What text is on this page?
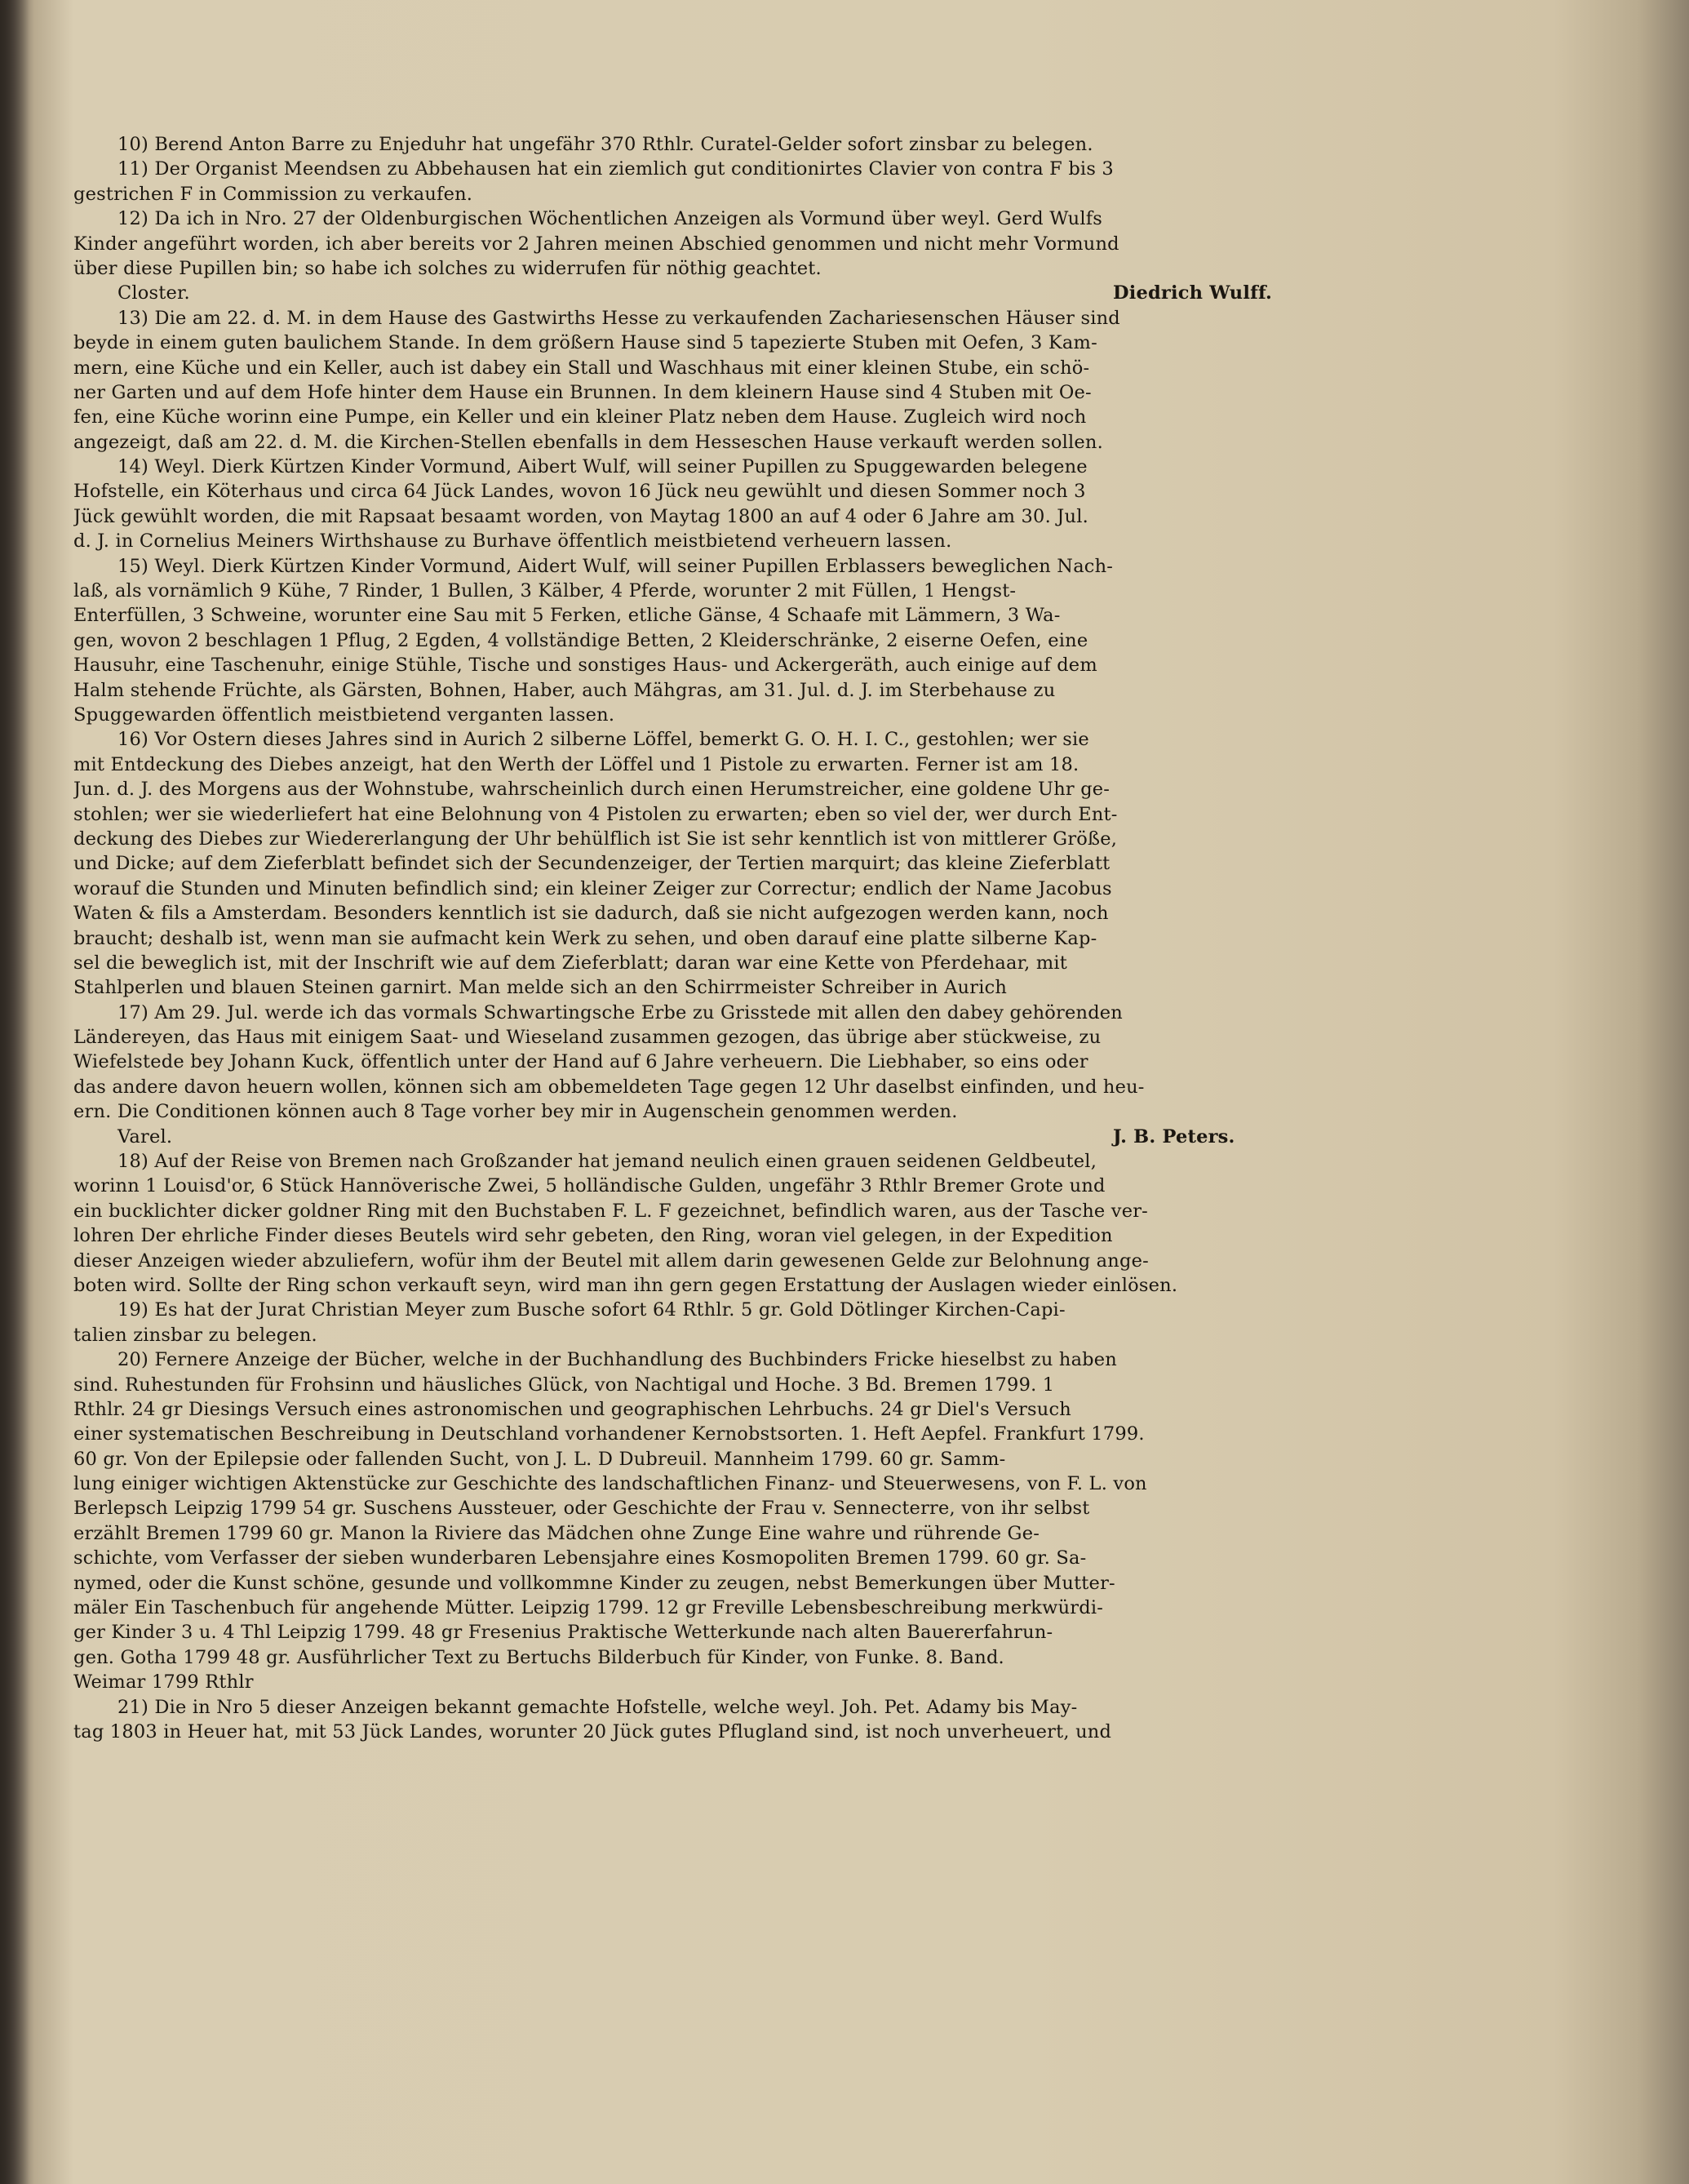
10) Berend Anton Barre zu Enjeduhr hat ungefähr 370 Rthlr. Curatel-Gelder sofort zinsbar zu belegen.
11) Der Organist Meendsen zu Abbehausen hat ein ziemlich gut conditionirtes Clavier von contra F bis 3
gestrichen F in Commission zu verkaufen.
12) Da ich in Nro. 27 der Oldenburgischen Wöchentlichen Anzeigen als Vormund über weyl. Gerd Wulfs
Kinder angeführt worden, ich aber bereits vor 2 Jahren meinen Abschied genommen und nicht mehr Vormund
über diese Pupillen bin; so habe ich solches zu widerrufen für nöthig geachtet.
Closter.	Diedrich Wulff.
13) Die am 22. d. M. in dem Hause des Gastwirths Hesse zu verkaufenden Zachariesenschen Häuser sind
beyde in einem guten baulichem Stande. In dem größern Hause sind 5 tapezierte Stuben mit Oefen, 3 Kam-
mern, eine Küche und ein Keller, auch ist dabey ein Stall und Waschhaus mit einer kleinen Stube, ein schö-
ner Garten und auf dem Hofe hinter dem Hause ein Brunnen. In dem kleinern Hause sind 4 Stuben mit Oe-
fen, eine Küche worinn eine Pumpe, ein Keller und ein kleiner Platz neben dem Hause. Zugleich wird noch
angezeigt, daß am 22. d. M. die Kirchen-Stellen ebenfalls in dem Hesseschen Hause verkauft werden sollen.
14) Weyl. Dierk Kürtzen Kinder Vormund, Aibert Wulf, will seiner Pupillen zu Spuggewarden belegene
Hofstelle, ein Köterhaus und circa 64 Jück Landes, wovon 16 Jück neu gewühlt und diesen Sommer noch 3
Jück gewühlt worden, die mit Rapsaat besaamt worden, von Maytag 1800 an auf 4 oder 6 Jahre am 30. Jul.
d. J. in Cornelius Meiners Wirthshause zu Burhave öffentlich meistbietend verheuern lassen.
15) Weyl. Dierk Kürtzen Kinder Vormund, Aidert Wulf, will seiner Pupillen Erblassers beweglichen Nach-
laß, als vornämlich 9 Kühe, 7 Rinder, 1 Bullen, 3 Kälber, 4 Pferde, worunter 2 mit Füllen, 1 Hengst-
Enterfüllen, 3 Schweine, worunter eine Sau mit 5 Ferken, etliche Gänse, 4 Schaafe mit Lämmern, 3 Wa-
gen, wovon 2 beschlagen 1 Pflug, 2 Egden, 4 vollständige Betten, 2 Kleiderschränke, 2 eiserne Oefen, eine
Hausuhr, eine Taschenuhr, einige Stühle, Tische und sonstiges Haus- und Ackergeräth, auch einige auf dem
Halm stehende Früchte, als Gärsten, Bohnen, Haber, auch Mähgras, am 31. Jul. d. J. im Sterbehause zu
Spuggewarden öffentlich meistbietend verganten lassen.
16) Vor Ostern dieses Jahres sind in Aurich 2 silberne Löffel, bemerkt G. O. H. I. C., gestohlen; wer sie
mit Entdeckung des Diebes anzeigt, hat den Werth der Löffel und 1 Pistole zu erwarten. Ferner ist am 18.
Jun. d. J. des Morgens aus der Wohnstube, wahrscheinlich durch einen Herumstreicher, eine goldene Uhr ge-
stohlen; wer sie wiederliefert hat eine Belohnung von 4 Pistolen zu erwarten; eben so viel der, wer durch Ent-
deckung des Diebes zur Wiedererlangung der Uhr behülflich ist Sie ist sehr kenntlich ist von mittlerer Größe,
und Dicke; auf dem Zieferblatt befindet sich der Secundenzeiger, der Tertien marquirt; das kleine Zieferblatt
worauf die Stunden und Minuten befindlich sind; ein kleiner Zeiger zur Correctur; endlich der Name Jacobus
Waten & fils a Amsterdam. Besonders kenntlich ist sie dadurch, daß sie nicht aufgezogen werden kann, noch
braucht; deshalb ist, wenn man sie aufmacht kein Werk zu sehen, und oben darauf eine platte silberne Kap-
sel die beweglich ist, mit der Inschrift wie auf dem Zieferblatt; daran war eine Kette von Pferdehaar, mit
Stahlperlen und blauen Steinen garnirt. Man melde sich an den Schirrmeister Schreiber in Aurich
17) Am 29. Jul. werde ich das vormals Schwartingsche Erbe zu Grisstede mit allen den dabey gehörenden
Ländereyen, das Haus mit einigem Saat- und Wieseland zusammen gezogen, das übrige aber stückweise, zu
Wiefelstede bey Johann Kuck, öffentlich unter der Hand auf 6 Jahre verheuern. Die Liebhaber, so eins oder
das andere davon heuern wollen, können sich am obbemeldeten Tage gegen 12 Uhr daselbst einfinden, und heu-
ern. Die Conditionen können auch 8 Tage vorher bey mir in Augenschein genommen werden.
Varel.	J. B. Peters.
18) Auf der Reise von Bremen nach Großzander hat jemand neulich einen grauen seidenen Geldbeutel,
worinn 1 Louisd'or, 6 Stück Hannöverische Zwei, 5 holländische Gulden, ungefähr 3 Rthlr Bremer Grote und
ein bucklichter dicker goldner Ring mit den Buchstaben F. L. F gezeichnet, befindlich waren, aus der Tasche ver-
lohren Der ehrliche Finder dieses Beutels wird sehr gebeten, den Ring, woran viel gelegen, in der Expedition
dieser Anzeigen wieder abzuliefern, wofür ihm der Beutel mit allem darin gewesenen Gelde zur Belohnung ange-
boten wird. Sollte der Ring schon verkauft seyn, wird man ihn gern gegen Erstattung der Auslagen wieder einlösen.
19) Es hat der Jurat Christian Meyer zum Busche sofort 64 Rthlr. 5 gr. Gold Dötlinger Kirchen-Capi-
talien zinsbar zu belegen.
20) Fernere Anzeige der Bücher, welche in der Buchhandlung des Buchbinders Fricke hieselbst zu haben
sind. Ruhestunden für Frohsinn und häusliches Glück, von Nachtigal und Hoche. 3 Bd. Bremen 1799. 1
Rthlr. 24 gr Diesings Versuch eines astronomischen und geographischen Lehrbuchs. 24 gr Diel's Versuch
einer systematischen Beschreibung in Deutschland vorhandener Kernobstsorten. 1. Heft Aepfel. Frankfurt 1799.
60 gr. Von der Epilepsie oder fallenden Sucht, von J. L. D Dubreuil. Mannheim 1799. 60 gr. Samm-
lung einiger wichtigen Aktenstücke zur Geschichte des landschaftlichen Finanz- und Steuerwesens, von F. L. von
Berlepsch Leipzig 1799 54 gr. Suschens Aussteuer, oder Geschichte der Frau v. Sennecterre, von ihr selbst
erzählt Bremen 1799 60 gr. Manon la Riviere das Mädchen ohne Zunge Eine wahre und rührende Ge-
schichte, vom Verfasser der sieben wunderbaren Lebensjahre eines Kosmopoliten Bremen 1799. 60 gr. Sa-
nymed, oder die Kunst schöne, gesunde und vollkommne Kinder zu zeugen, nebst Bemerkungen über Mutter-
mäler Ein Taschenbuch für angehende Mütter. Leipzig 1799. 12 gr Freville Lebensbeschreibung merkwürdi-
ger Kinder 3 u. 4 Thl Leipzig 1799. 48 gr Fresenius Praktische Wetterkunde nach alten Bauererfahrun-
gen. Gotha 1799 48 gr. Ausführlicher Text zu Bertuchs Bilderbuch für Kinder, von Funke. 8. Band.
Weimar 1799 Rthlr
21) Die in Nro 5 dieser Anzeigen bekannt gemachte Hofstelle, welche weyl. Joh. Pet. Adamy bis May-
tag 1803 in Heuer hat, mit 53 Jück Landes, worunter 20 Jück gutes Pflugland sind, ist noch unverheuert, und
